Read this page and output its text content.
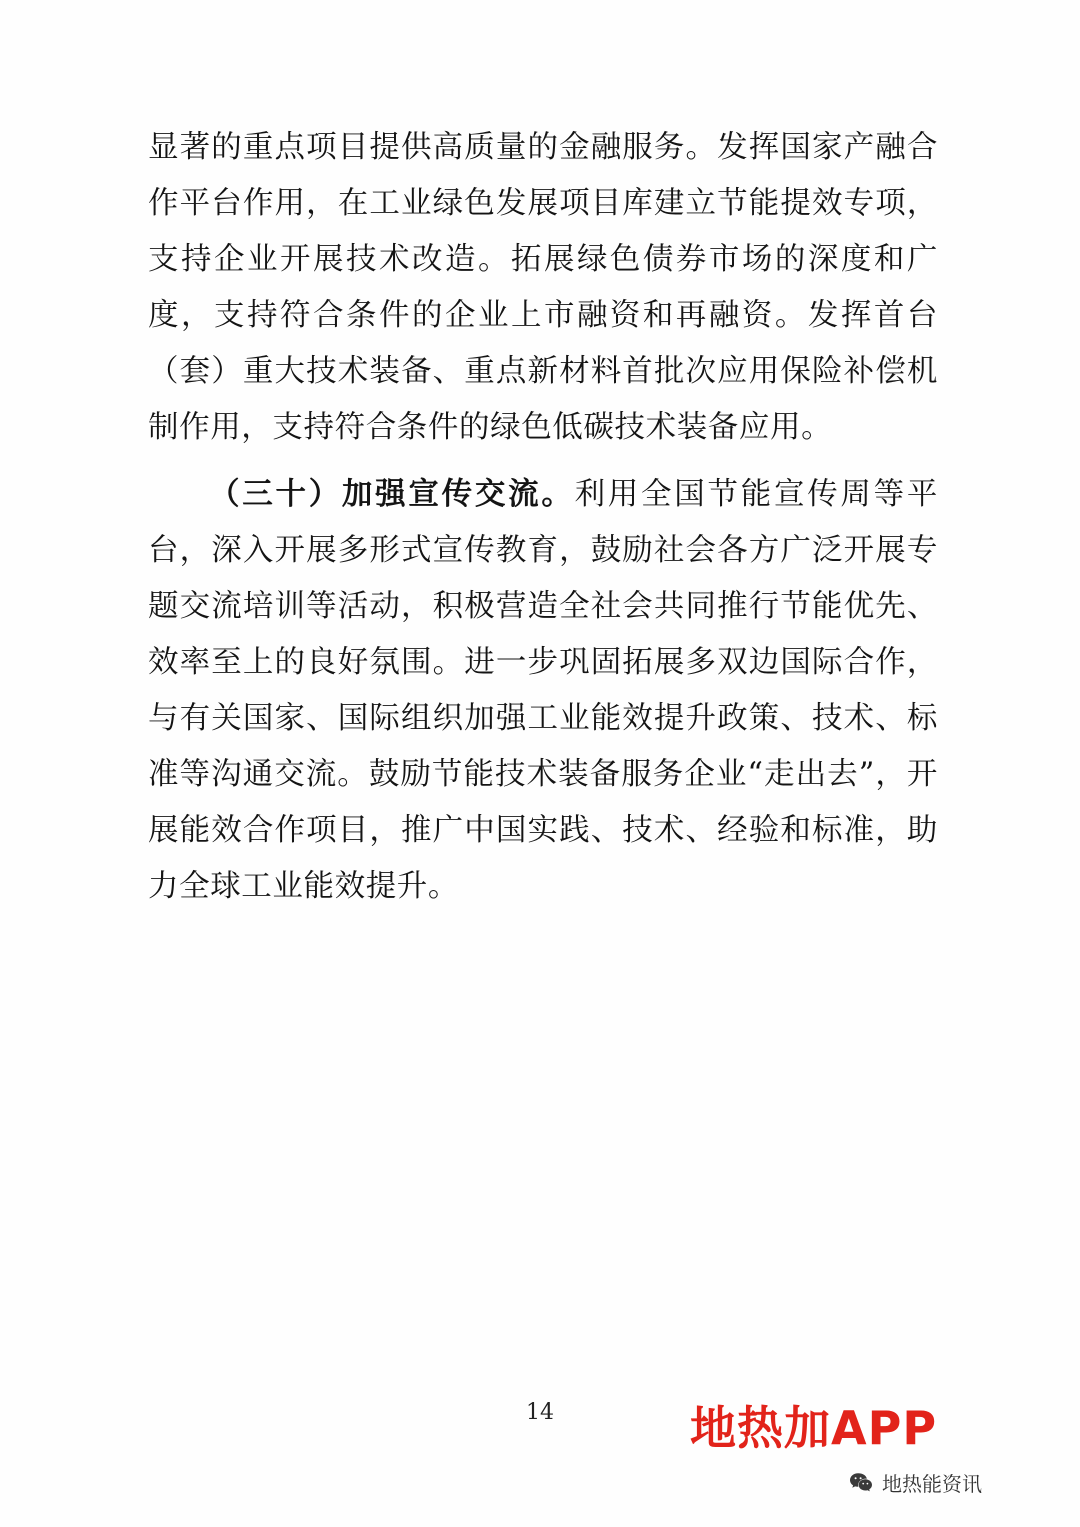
显著的重点项目提供高质量的金融服务。发挥国家产融合作平台作用，在工业绿色发展项目库建立节能提效专项，支持企业开展技术改造。拓展绿色债券市场的深度和广度，支持符合条件的企业上市融资和再融资。发挥首台（套）重大技术装备、重点新材料首批次应用保险补偿机制作用，支持符合条件的绿色低碳技术装备应用。

（三十）加强宣传交流。利用全国节能宣传周等平台，深入开展多形式宣传教育，鼓励社会各方广泛开展专题交流培训等活动，积极营造全社会共同推行节能优先、效率至上的良好氛围。进一步巩固拓展多双边国际合作，与有关国家、国际组织加强工业能效提升政策、技术、标准等沟通交流。鼓励节能技术装备服务企业“走出去”，开展能效合作项目，推广中国实践、技术、经验和标准，助力全球工业能效提升。

14	地热加APP
地热能资讯
